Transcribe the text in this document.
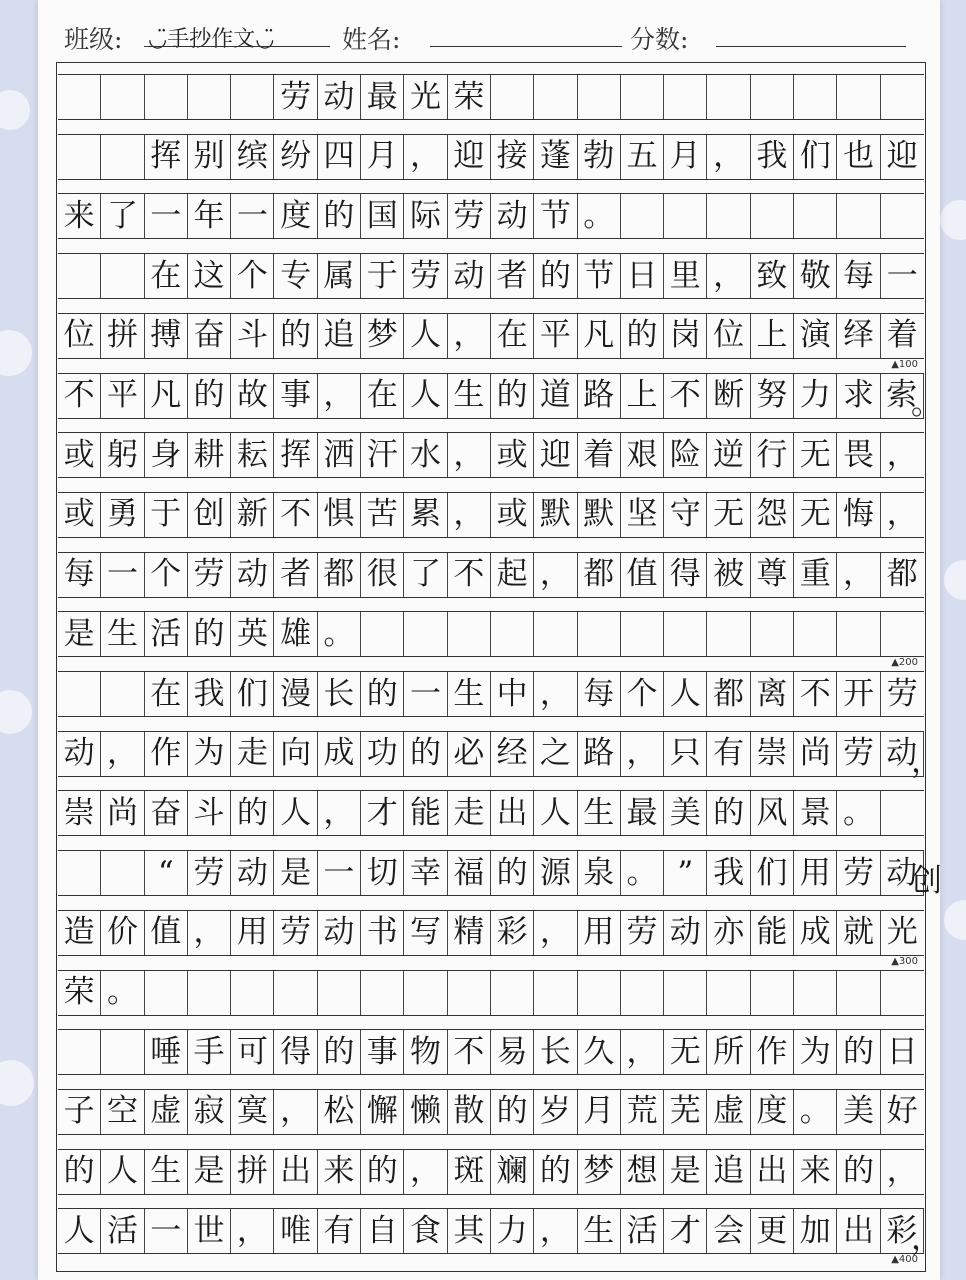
班级: ◡̈手抄作文◡̈	姓名:	分数:
劳 动 最 光 荣
挥 别 缤 纷 四 月 ， 迎 接 蓬 勃 五 月 ， 我 们 也 迎
来 了 一 年 一 度 的 国 际 劳 动 节 。
在 这 个 专 属 于 劳 动 者 的 节 日 里 ， 致 敬 每 一
位 拼 搏 奋 斗 的 追 梦 人 ， 在 平 凡 的 岗 位 上 演 绎 着
不 平 凡 的 故 事 ， 在 人 生 的 道 路 上 不 断 努 力 求 索
。
或 躬 身 耕 耘 挥 洒 汗 水 ， 或 迎 着 艰 险 逆 行 无 畏 ，
或 勇 于 创 新 不 惧 苦 累 ， 或 默 默 坚 守 无 怨 无 悔 ，
每 一 个 劳 动 者 都 很 了 不 起 ， 都 值 得 被 尊 重 ， 都
是 生 活 的 英 雄 。
在 我 们 漫 长 的 一 生 中 ， 每 个 人 都 离 不 开 劳
动 ， 作 为 走 向 成 功 的 必 经 之 路 ， 只 有 崇 尚 劳 动
，
崇 尚 奋 斗 的 人 ， 才 能 走 出 人 生 最 美 的 风 景 。
“ 劳 动 是 一 切 幸 福 的 源 泉 。 ” 我 们 用 劳 动
创
造 价 值 ， 用 劳 动 书 写 精 彩 ， 用 劳 动 亦 能 成 就 光
荣 。
唾 手 可 得 的 事 物 不 易 长 久 ， 无 所 作 为 的 日
子 空 虚 寂 寞 ， 松 懈 懒 散 的 岁 月 荒 芜 虚 度 。 美 好
的 人 生 是 拼 出 来 的 ， 斑 斓 的 梦 想 是 追 出 来 的 ，
人 活 一 世 ， 唯 有 自 食 其 力 ， 生 活 才 会 更 加 出 彩
，
▲100
▲200
▲300
▲400
